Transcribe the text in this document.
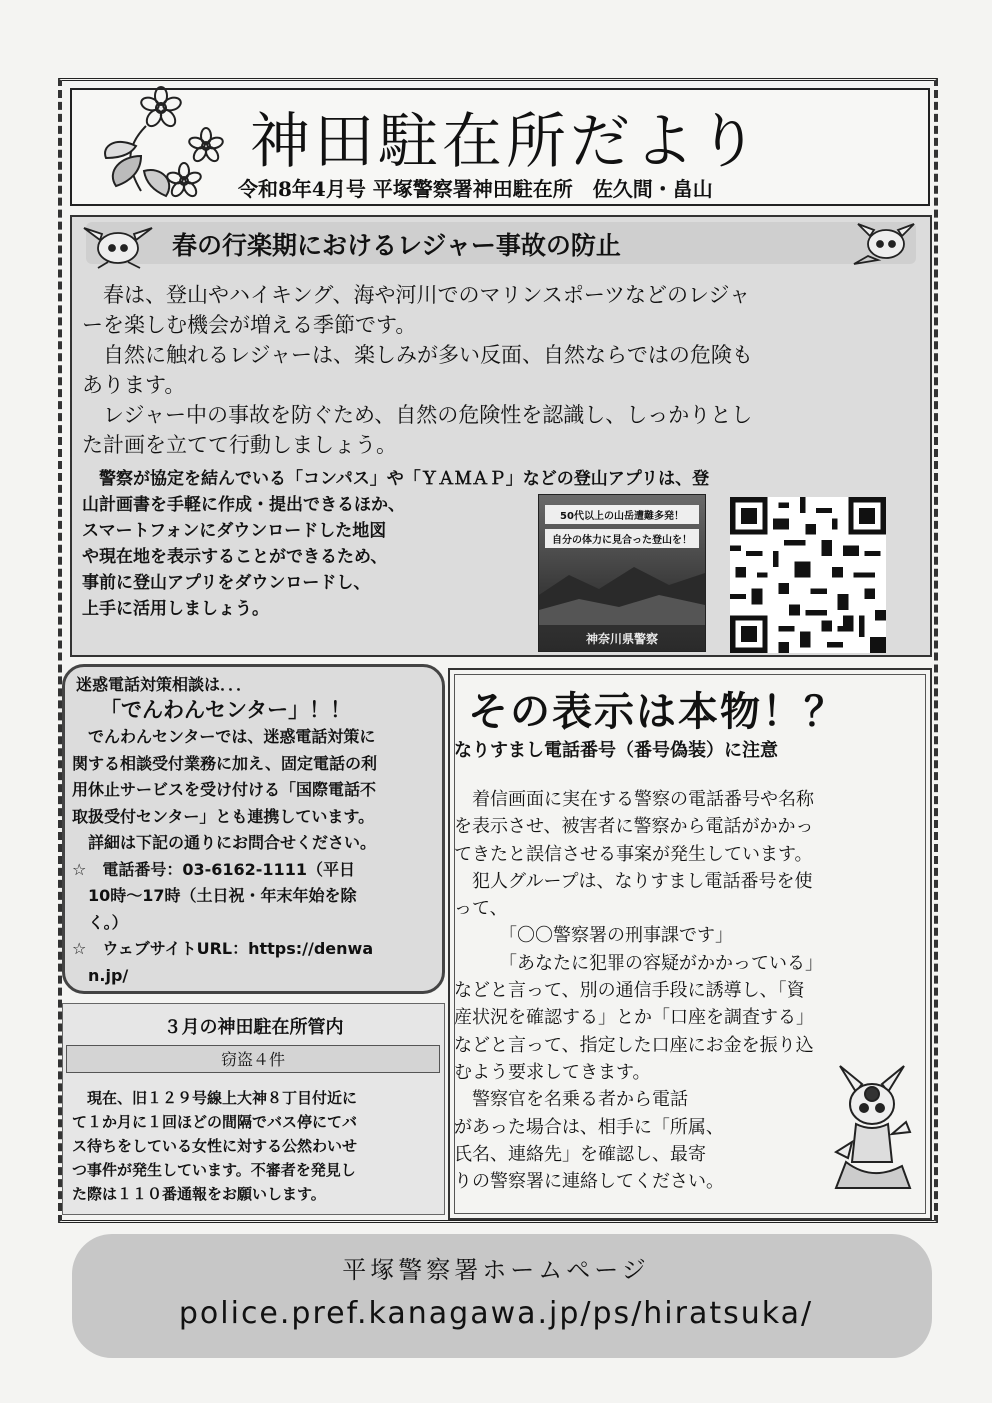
神田駐在所だより
令和8年4月号 平塚警察署神田駐在所　佐久間・畠山
春の行楽期におけるレジャー事故の防止
　春は、登山やハイキング、海や河川でのマリンスポーツなどのレジャ
ーを楽しむ機会が増える季節です。
　自然に触れるレジャーは、楽しみが多い反面、自然ならではの危険も
あります。
　レジャー中の事故を防ぐため、自然の危険性を認識し、しっかりとし
た計画を立てて行動しましょう。
　警察が協定を結んでいる「コンパス」や「ＹＡＭＡＰ」などの登山アプリは、登
山計画書を手軽に作成・提出できるほか、
スマートフォンにダウンロードした地図
や現在地を表示することができるため、
事前に登山アプリをダウンロードし、
上手に活用しましょう。
50代以上の山岳遭難多発！
自分の体力に見合った登山を！
神奈川県警察
迷惑電話対策相談は．．．
「でんわんセンター」！！
　でんわんセンターでは、迷惑電話対策に
関する相談受付業務に加え、固定電話の利
用休止サービスを受け付ける「国際電話不
取扱受付センター」とも連携しています。
　詳細は下記の通りにお問合せください。
☆　電話番号：03-6162-1111（平日
　10時～17時（土日祝・年末年始を除
　く。）
☆　ウェブサイトURL：https://denwa
　n.jp/
３月の神田駐在所管内
窃盗４件
　現在、旧１２９号線上大神８丁目付近に
て１か月に１回ほどの間隔でバス停にてバ
ス待ちをしている女性に対する公然わいせ
つ事件が発生しています。不審者を発見し
た際は１１０番通報をお願いします。
その表示は本物！？
なりすまし電話番号（番号偽装）に注意
　着信画面に実在する警察の電話番号や名称
を表示させ、被害者に警察から電話がかかっ
てきたと誤信させる事案が発生しています。
　犯人グループは、なりすまし電話番号を使
って、
　　　「〇〇警察署の刑事課です」
　　　「あなたに犯罪の容疑がかかっている」
などと言って、別の通信手段に誘導し、「資
産状況を確認する」とか「口座を調査する」
などと言って、指定した口座にお金を振り込
むよう要求してきます。
　警察官を名乗る者から電話
があった場合は、相手に「所属、
氏名、連絡先」を確認し、最寄
りの警察署に連絡してください。
平塚警察署ホームページ
police.pref.kanagawa.jp/ps/hiratsuka/
